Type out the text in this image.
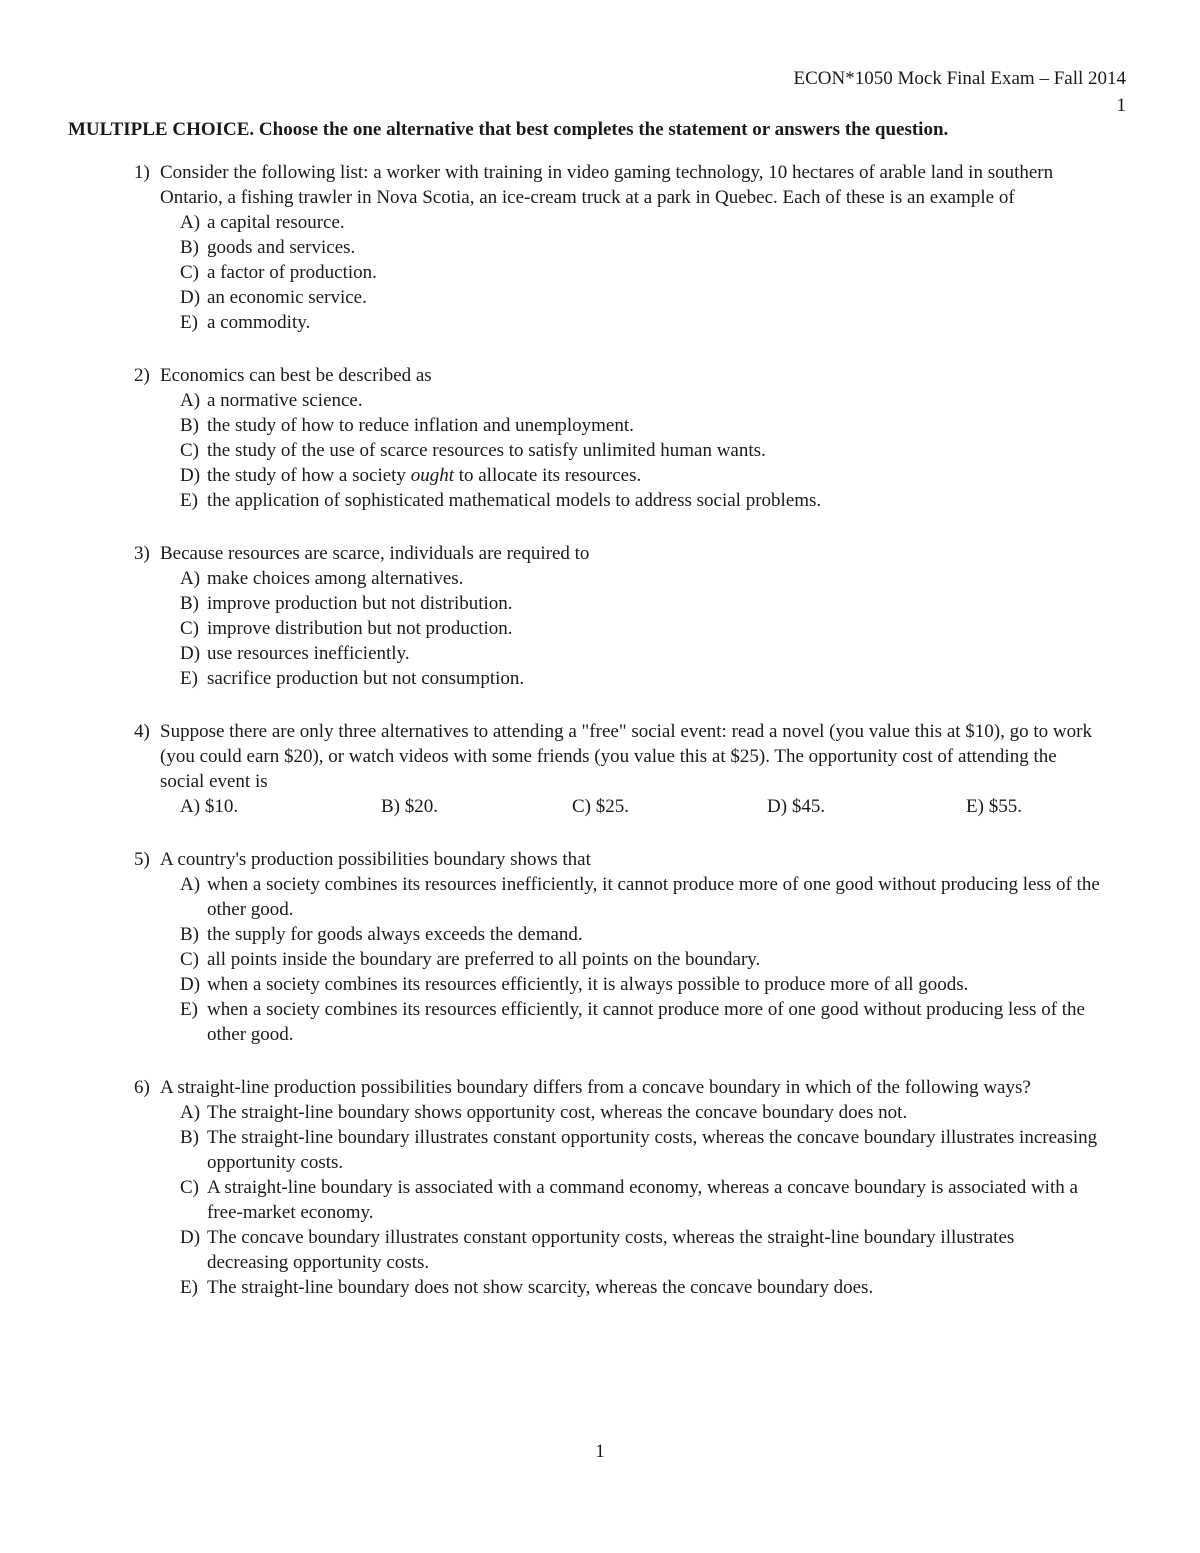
ECON*1050 Mock Final Exam – Fall 2014
1
MULTIPLE CHOICE. Choose the one alternative that best completes the statement or answers the question.
1) Consider the following list: a worker with training in video gaming technology, 10 hectares of arable land in southern Ontario, a fishing trawler in Nova Scotia, an ice-cream truck at a park in Quebec. Each of these is an example of
A) a capital resource.
B) goods and services.
C) a factor of production.
D) an economic service.
E) a commodity.
2) Economics can best be described as
A) a normative science.
B) the study of how to reduce inflation and unemployment.
C) the study of the use of scarce resources to satisfy unlimited human wants.
D) the study of how a society ought to allocate its resources.
E) the application of sophisticated mathematical models to address social problems.
3) Because resources are scarce, individuals are required to
A) make choices among alternatives.
B) improve production but not distribution.
C) improve distribution but not production.
D) use resources inefficiently.
E) sacrifice production but not consumption.
4) Suppose there are only three alternatives to attending a "free" social event: read a novel (you value this at $10), go to work (you could earn $20), or watch videos with some friends (you value this at $25). The opportunity cost of attending the social event is
A) $10.	B) $20.	C) $25.	D) $45.	E) $55.
5) A country's production possibilities boundary shows that
A) when a society combines its resources inefficiently, it cannot produce more of one good without producing less of the other good.
B) the supply for goods always exceeds the demand.
C) all points inside the boundary are preferred to all points on the boundary.
D) when a society combines its resources efficiently, it is always possible to produce more of all goods.
E) when a society combines its resources efficiently, it cannot produce more of one good without producing less of the other good.
6) A straight-line production possibilities boundary differs from a concave boundary in which of the following ways?
A) The straight-line boundary shows opportunity cost, whereas the concave boundary does not.
B) The straight-line boundary illustrates constant opportunity costs, whereas the concave boundary illustrates increasing opportunity costs.
C) A straight-line boundary is associated with a command economy, whereas a concave boundary is associated with a free-market economy.
D) The concave boundary illustrates constant opportunity costs, whereas the straight-line boundary illustrates decreasing opportunity costs.
E) The straight-line boundary does not show scarcity, whereas the concave boundary does.
1
